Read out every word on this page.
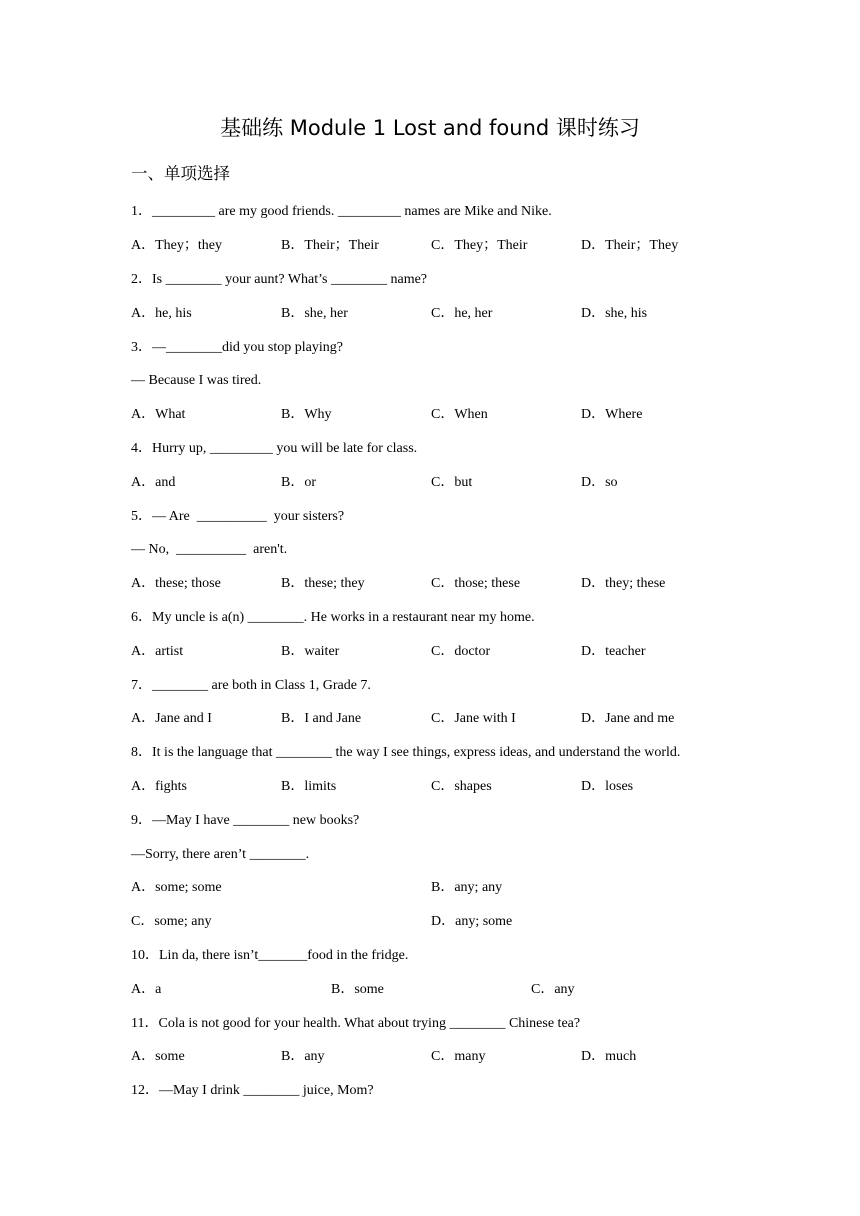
基础练 Module 1 Lost and found 课时练习
一、单项选择
1．_________ are my good friends. _________ names are Mike and Nike.
A．They；they	B．Their；Their	C．They；Their	D．Their；They
2．Is ________ your aunt? What’s ________ name?
A．he, his	B．she, her	C．he, her	D．she, his
3．—________did you stop playing?
— Because I was tired.
A．What	B．Why	C．When	D．Where
4．Hurry up, _________ you will be late for class.
A．and	B．or	C．but	D．so
5．— Are  __________  your sisters?
— No,  __________  aren't.
A．these; those	B．these; they	C．those; these	D．they; these
6．My uncle is a(n) ________. He works in a restaurant near my home.
A．artist	B．waiter	C．doctor	D．teacher
7．________ are both in Class 1, Grade 7.
A．Jane and I	B．I and Jane	C．Jane with I	D．Jane and me
8．It is the language that ________ the way I see things, express ideas, and understand the world.
A．fights	B．limits	C．shapes	D．loses
9．—May I have ________ new books?
—Sorry, there aren’t ________.
A．some; some	B．any; any
C．some; any	D．any; some
10．Lin da, there isn’t_______food in the fridge.
A．a	B．some	C．any
11．Cola is not good for your health. What about trying ________ Chinese tea?
A．some	B．any	C．many	D．much
12．—May I drink ________ juice, Mom?
